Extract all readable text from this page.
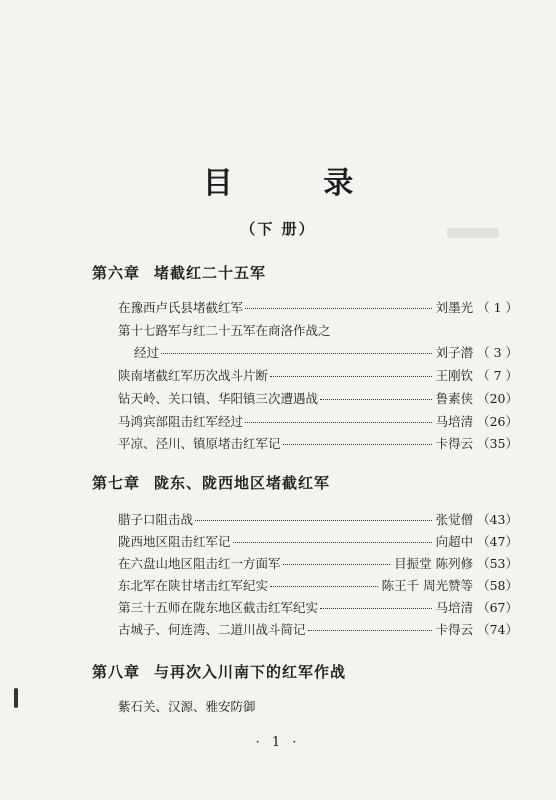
目 录
（下 册）
第六章 堵截红二十五军
在豫西卢氏县堵截红军	刘墨光 （ 1 ）
第十七路军与红二十五军在商洛作战之
经过	刘子潜 （ 3 ）
陕南堵截红军历次战斗片断	王刚钦 （ 7 ）
钻天岭、关口镇、华阳镇三次遭遇战	鲁素侠 （20）
马鸿宾部阻击红军经过	马培清 （26）
平凉、泾川、镇原堵击红军记	卡得云 （35）
第七章 陇东、陇西地区堵截红军
腊子口阻击战	张觉僧 （43）
陇西地区阻击红军记	向超中 （47）
在六盘山地区阻击红一方面军	目振堂 陈列修 （53）
东北军在陕甘堵击红军纪实	陈王千 周光赞等 （58）
第三十五师在陇东地区截击红军纪实	马培清 （67）
古城子、何连湾、二道川战斗简记	卡得云 （74）
第八章 与再次入川南下的红军作战
紫石关、汉源、雅安防御
· 1 ·
